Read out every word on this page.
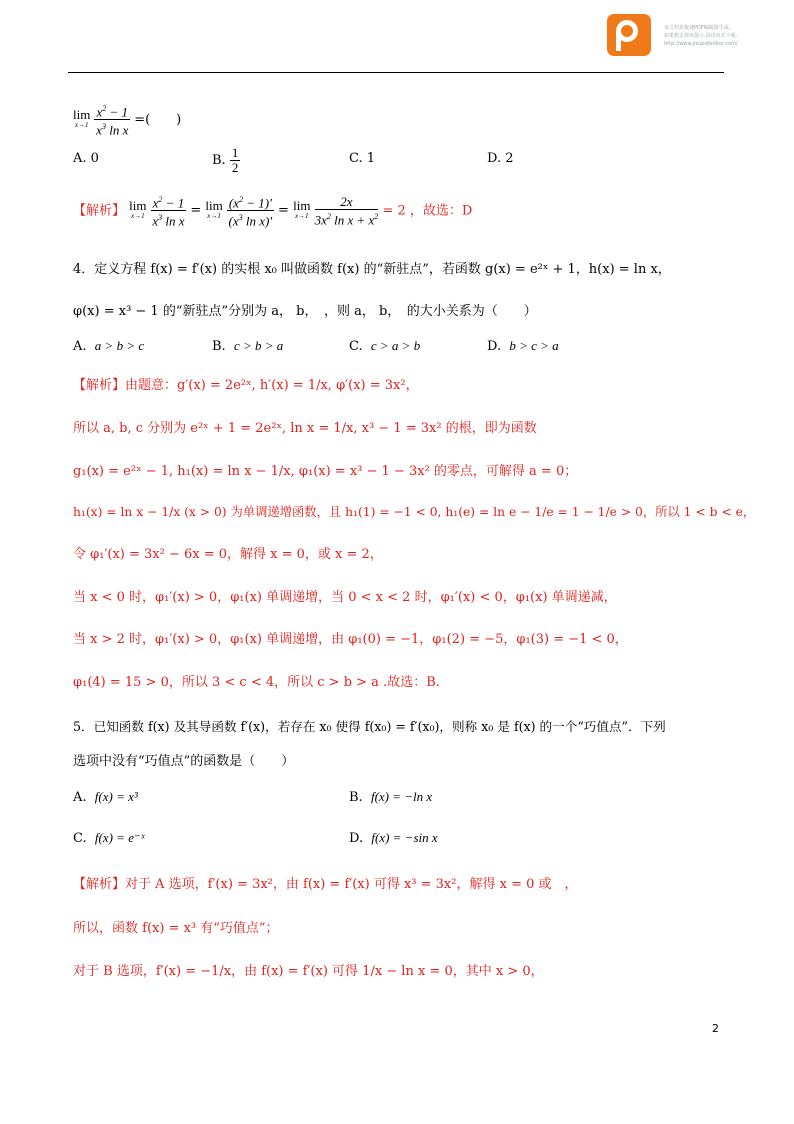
该文档是极速PDF编辑器生成,
如果想去掉该提示,请访问并下载:
http://www.jisupdfeditor.com/
lim
x→1
$\frac{x^2 - 1}{x^3 \ln x}$ =(　　)
A. 0	B. $\frac{1}{2}$	C. 1	D. 2
【解析】 lim
x→1
$\frac{x^2 - 1}{x^3 \ln x} = \lim$
x→1
$\frac{(x^2 - 1)'}{(x^3 \ln x)'} = \lim$
x→1
$\frac{2x}{3x^2 \ln x + x^2} = 2$ ，故选：D
4．定义方程 f(x) = f′(x) 的实根 x₀ 叫做函数 f(x) 的“新驻点”，若函数 g(x) = e²ˣ + 1，h(x) = ln x，
φ(x) = x³ − 1 的“新驻点”分别为 a， b，　，则 a， b，　的大小关系为（　　）
A. a > b > c	B. c > b > a	C. c > a > b	D. b > c > a
【解析】由题意：g′(x) = 2e²ˣ, h′(x) = 1/x, φ′(x) = 3x²，
所以 a, b, c 分别为 e²ˣ + 1 = 2e²ˣ, ln x = 1/x, x³ − 1 = 3x² 的根，即为函数
g₁(x) = e²ˣ − 1, h₁(x) = ln x − 1/x, φ₁(x) = x³ − 1 − 3x² 的零点，可解得 a = 0；
h₁(x) = ln x − 1/x (x > 0) 为单调递增函数，且 h₁(1) = −1 < 0, h₁(e) = ln e − 1/e = 1 − 1/e > 0，所以 1 < b < e，
令 φ₁′(x) = 3x² − 6x = 0，解得 x = 0，或 x = 2，
当 x < 0 时，φ₁′(x) > 0，φ₁(x) 单调递增，当 0 < x < 2 时，φ₁′(x) < 0，φ₁(x) 单调递减，
当 x > 2 时，φ₁′(x) > 0，φ₁(x) 单调递增，由 φ₁(0) = −1，φ₁(2) = −5，φ₁(3) = −1 < 0，
φ₁(4) = 15 > 0，所以 3 < c < 4，所以 c > b > a .故选：B.
5．已知函数 f(x) 及其导函数 f′(x)，若存在 x₀ 使得 f(x₀) = f′(x₀)，则称 x₀ 是 f(x) 的一个“巧值点”．下列
选项中没有“巧值点”的函数是（　　）
A. f(x) = x³	B. f(x) = −ln x
C. f(x) = e⁻ˣ	D. f(x) = −sin x
【解析】对于 A 选项，f′(x) = 3x²，由 f(x) = f′(x) 可得 x³ = 3x²，解得 x = 0 或　，
所以，函数 f(x) = x³ 有“巧值点”；
对于 B 选项，f′(x) = −1/x，由 f(x) = f′(x) 可得 1/x − ln x = 0，其中 x > 0，
2
